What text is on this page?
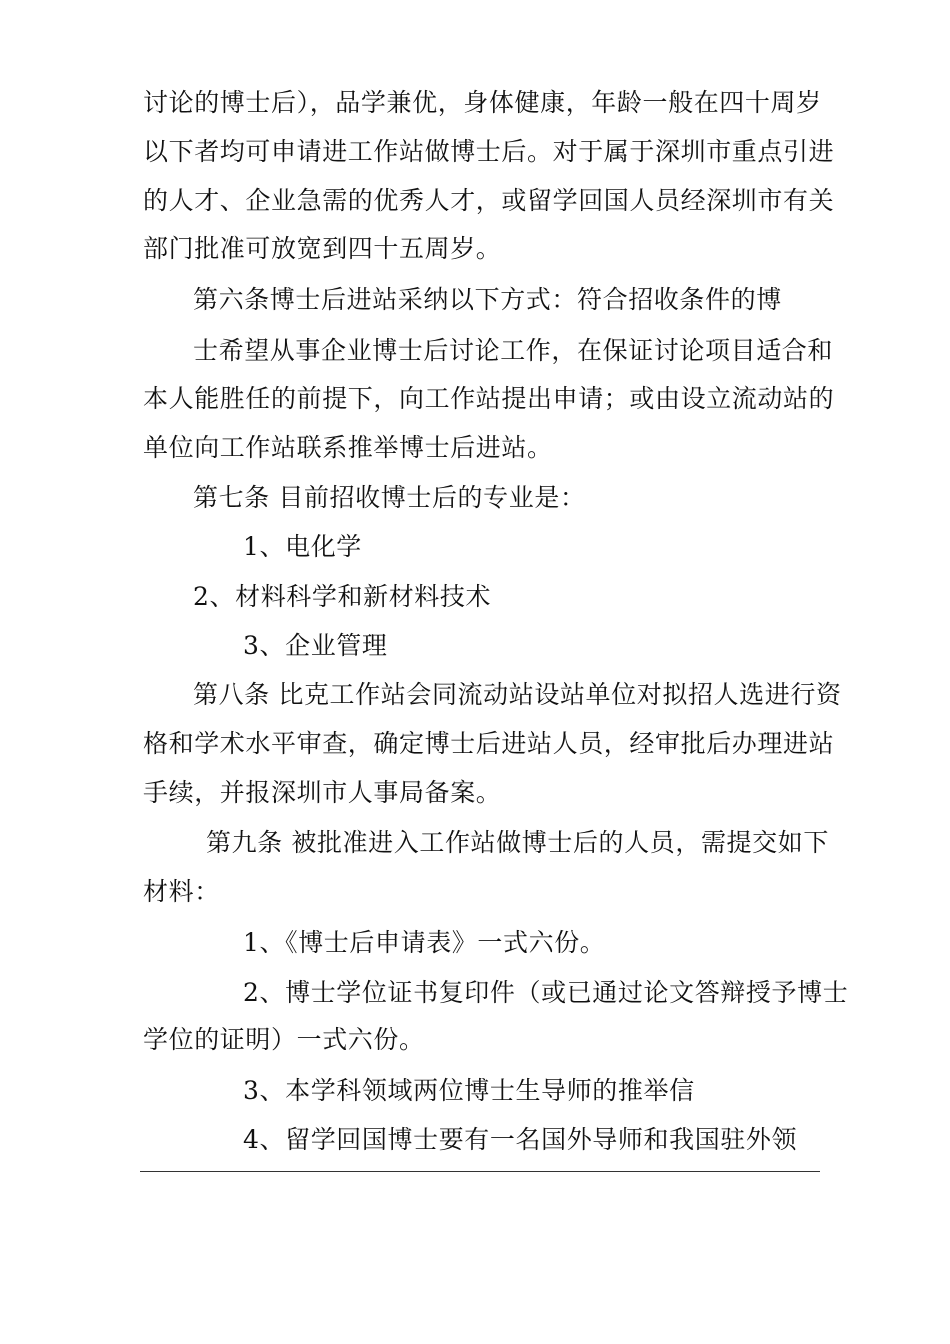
讨论的博士后），品学兼优，身体健康，年龄一般在四十周岁
以下者均可申请进工作站做博士后。对于属于深圳市重点引进
的人才、企业急需的优秀人才，或留学回国人员经深圳市有关
部门批准可放宽到四十五周岁。
第六条博士后进站采纳以下方式：符合招收条件的博
士希望从事企业博士后讨论工作，在保证讨论项目适合和
本人能胜任的前提下，向工作站提出申请；或由设立流动站的
单位向工作站联系推举博士后进站。
第七条 目前招收博士后的专业是：
1、电化学
2、材料科学和新材料技术
3、企业管理
第八条 比克工作站会同流动站设站单位对拟招人选进行资
格和学术水平审查，确定博士后进站人员，经审批后办理进站
手续，并报深圳市人事局备案。
第九条 被批准进入工作站做博士后的人员，需提交如下
材料：
1、《博士后申请表》一式六份。
2、博士学位证书复印件（或已通过论文答辩授予博士
学位的证明）一式六份。
3、本学科领域两位博士生导师的推举信
4、留学回国博士要有一名国外导师和我国驻外领
